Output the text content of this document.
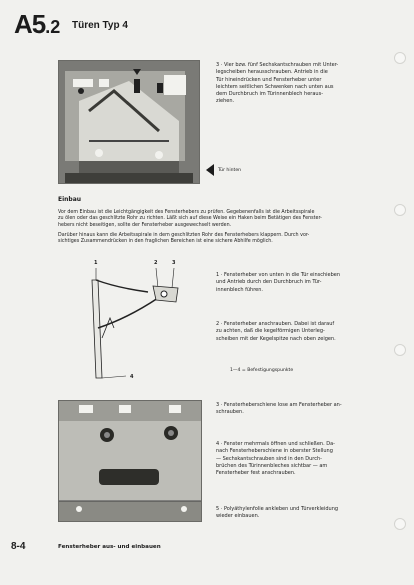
A5.2 Türen Typ 4
Tür hinten
3 · Vier bzw. fünf Sechskantschrauben mit Unter-
legscheiben herausschrauben. Antrieb in die
Tür hineindrücken und Fensterheber unter
leichtem seitlichen Schwenken nach unten aus
dem Durchbruch im Türinnenblech heraus-
ziehen.
Einbau
Vor dem Einbau ist die Leichtgängigkeit des Fensterhebers zu prüfen. Gegebenenfalls ist die Arbeitsspirale
zu ölen oder das geschlitzte Rohr zu richten. Läßt sich auf diese Weise ein Haken beim Betätigen des Fenster-
hebers nicht beseitigen, sollte der Fensterheber ausgewechselt werden.
Darüber hinaus kann die Arbeitsspirale in dem geschlitzten Rohr des Fensterhebers klappern. Durch vor-
sichtiges Zusammendrücken in den fraglichen Bereichen ist eine sichere Abhilfe möglich.
1	2	3
4
1 · Fensterheber von unten in die Tür einschieben
und Antrieb durch den Durchbruch im Tür-
innenblech führen.
2 · Fensterheber anschrauben. Dabei ist darauf
zu achten, daß die kegelförmigen Unterleg-
scheiben mit der Kegelspitze nach oben zeigen.
1—4 = Befestigungspunkte
3 · Fensterheberschiene lose am Fensterheber an-
schrauben.
4 · Fenster mehrmals öffnen und schließen. Da-
nach Fensterheberschiene in oberster Stellung
— Sechskantschrauben sind in den Durch-
brüchen des Türinnenbleches sichtbar — am
Fensterheber fest anschrauben.
5 · Polyäthylenfolie ankleben und Türverkleidung
wieder einbauen.
8-4	Fensterheber aus- und einbauen
